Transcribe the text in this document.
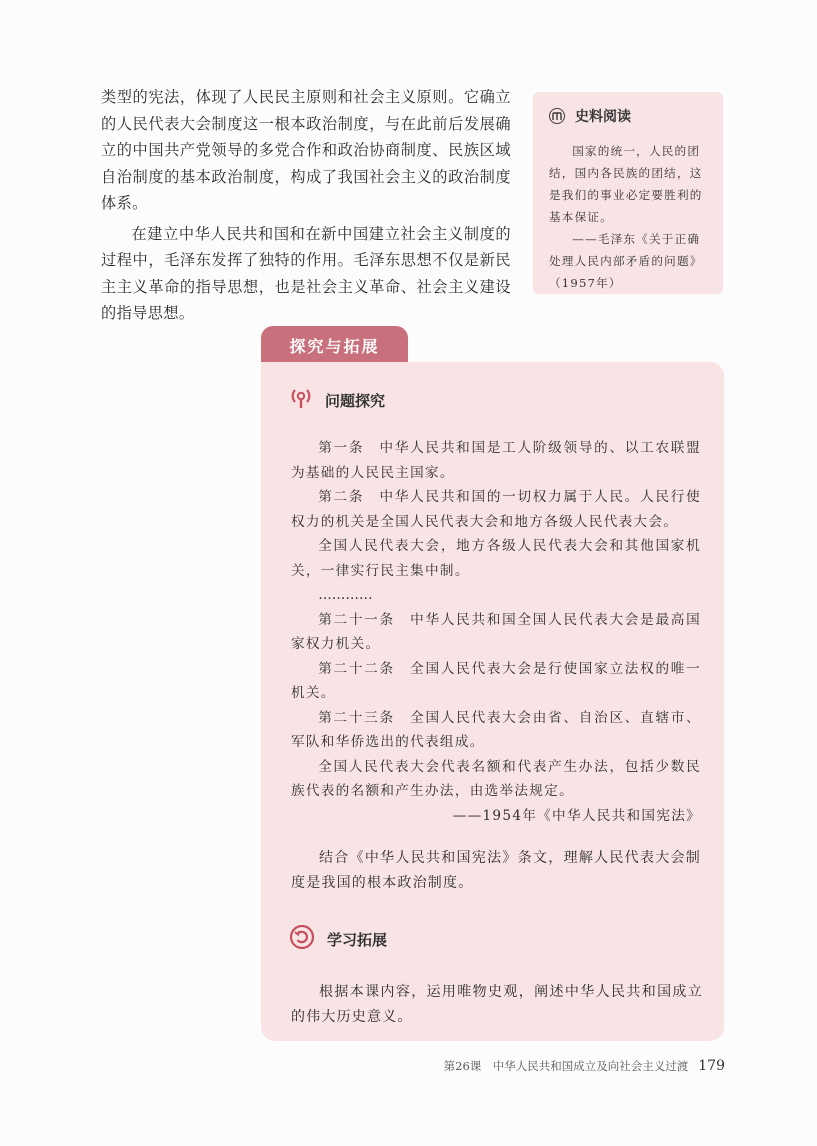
类型的宪法，体现了人民民主原则和社会主义原则。它确立的人民代表大会制度这一根本政治制度，与在此前后发展确立的中国共产党领导的多党合作和政治协商制度、民族区域自治制度的基本政治制度，构成了我国社会主义的政治制度体系。

在建立中华人民共和国和在新中国建立社会主义制度的过程中，毛泽东发挥了独特的作用。毛泽东思想不仅是新民主主义革命的指导思想，也是社会主义革命、社会主义建设的指导思想。

史料阅读

国家的统一，人民的团结，国内各民族的团结，这是我们的事业必定要胜利的基本保证。

——毛泽东《关于正确处理人民内部矛盾的问题》（1957年）

探究与拓展
问题探究

第一条　中华人民共和国是工人阶级领导的、以工农联盟为基础的人民民主国家。

第二条　中华人民共和国的一切权力属于人民。人民行使权力的机关是全国人民代表大会和地方各级人民代表大会。

全国人民代表大会，地方各级人民代表大会和其他国家机关，一律实行民主集中制。

…………

第二十一条　中华人民共和国全国人民代表大会是最高国家权力机关。

第二十二条　全国人民代表大会是行使国家立法权的唯一机关。

第二十三条　全国人民代表大会由省、自治区、直辖市、军队和华侨选出的代表组成。

全国人民代表大会代表名额和代表产生办法，包括少数民族代表的名额和产生办法，由选举法规定。

——1954年《中华人民共和国宪法》

结合《中华人民共和国宪法》条文，理解人民代表大会制度是我国的根本政治制度。

学习拓展

根据本课内容，运用唯物史观，阐述中华人民共和国成立的伟大历史意义。

第26课　中华人民共和国成立及向社会主义过渡 179
